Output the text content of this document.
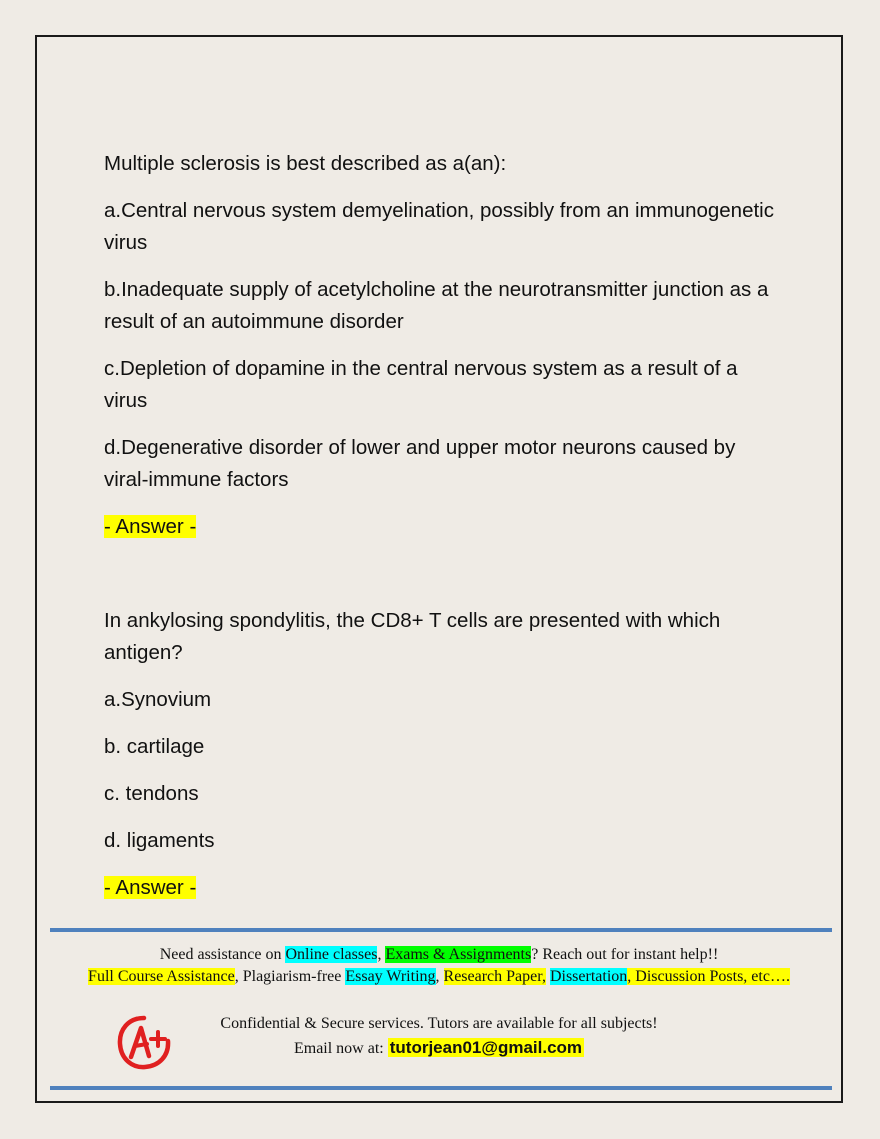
Multiple sclerosis is best described as a(an):

a.Central nervous system demyelination, possibly from an immunogenetic virus

b.Inadequate supply of acetylcholine at the neurotransmitter junction as a result of an autoimmune disorder

c.Depletion of dopamine in the central nervous system as a result of a virus

d.Degenerative disorder of lower and upper motor neurons caused by viral-immune factors

- Answer -

In ankylosing spondylitis, the CD8+ T cells are presented with which antigen?

a.Synovium

b. cartilage

c. tendons

d. ligaments

- Answer -

Need assistance on Online classes, Exams & Assignments? Reach out for instant help!!
Full Course Assistance, Plagiarism-free Essay Writing, Research Paper, Dissertation, Discussion Posts, etc….
Confidential & Secure services. Tutors are available for all subjects!
Email now at: tutorjean01@gmail.com
